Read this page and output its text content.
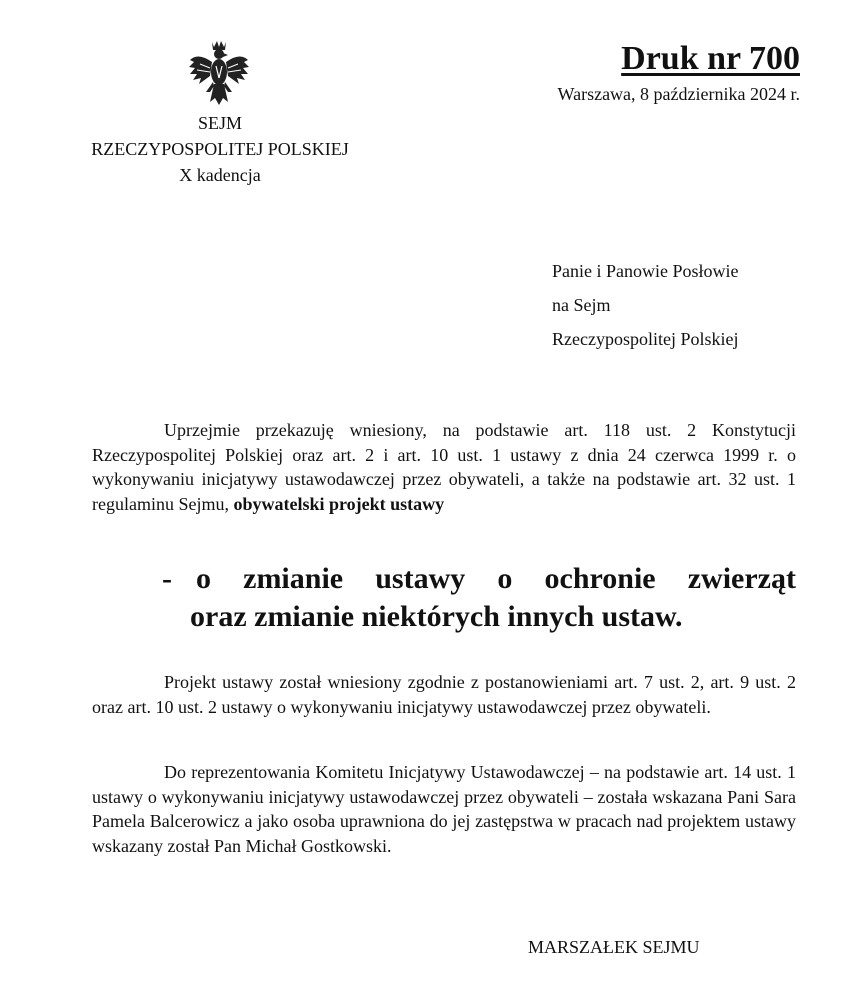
SEJM
RZECZYPOSPOLITEJ POLSKIEJ
X kadencja
Druk nr 700
Warszawa, 8 października 2024 r.
Panie i Panowie Posłowie
na Sejm
Rzeczypospolitej Polskiej
Uprzejmie przekazuję wniesiony, na podstawie art. 118 ust. 2 Konstytucji Rzeczypospolitej Polskiej oraz art. 2 i art. 10 ust. 1 ustawy z dnia 24 czerwca 1999 r. o wykonywaniu inicjatywy ustawodawczej przez obywateli, a także na podstawie art. 32 ust. 1 regulaminu Sejmu, obywatelski projekt ustawy
- o zmianie ustawy o ochronie zwierząt
oraz zmianie niektórych innych ustaw.
Projekt ustawy został wniesiony zgodnie z postanowieniami art. 7 ust. 2, art. 9 ust. 2 oraz art. 10 ust. 2 ustawy o wykonywaniu inicjatywy ustawodawczej przez obywateli.
Do reprezentowania Komitetu Inicjatywy Ustawodawczej – na podstawie art. 14 ust. 1 ustawy o wykonywaniu inicjatywy ustawodawczej przez obywateli – została wskazana Pani Sara Pamela Balcerowicz a jako osoba uprawniona do jej zastępstwa w pracach nad projektem ustawy wskazany został Pan Michał Gostkowski.
MARSZAŁEK SEJMU
